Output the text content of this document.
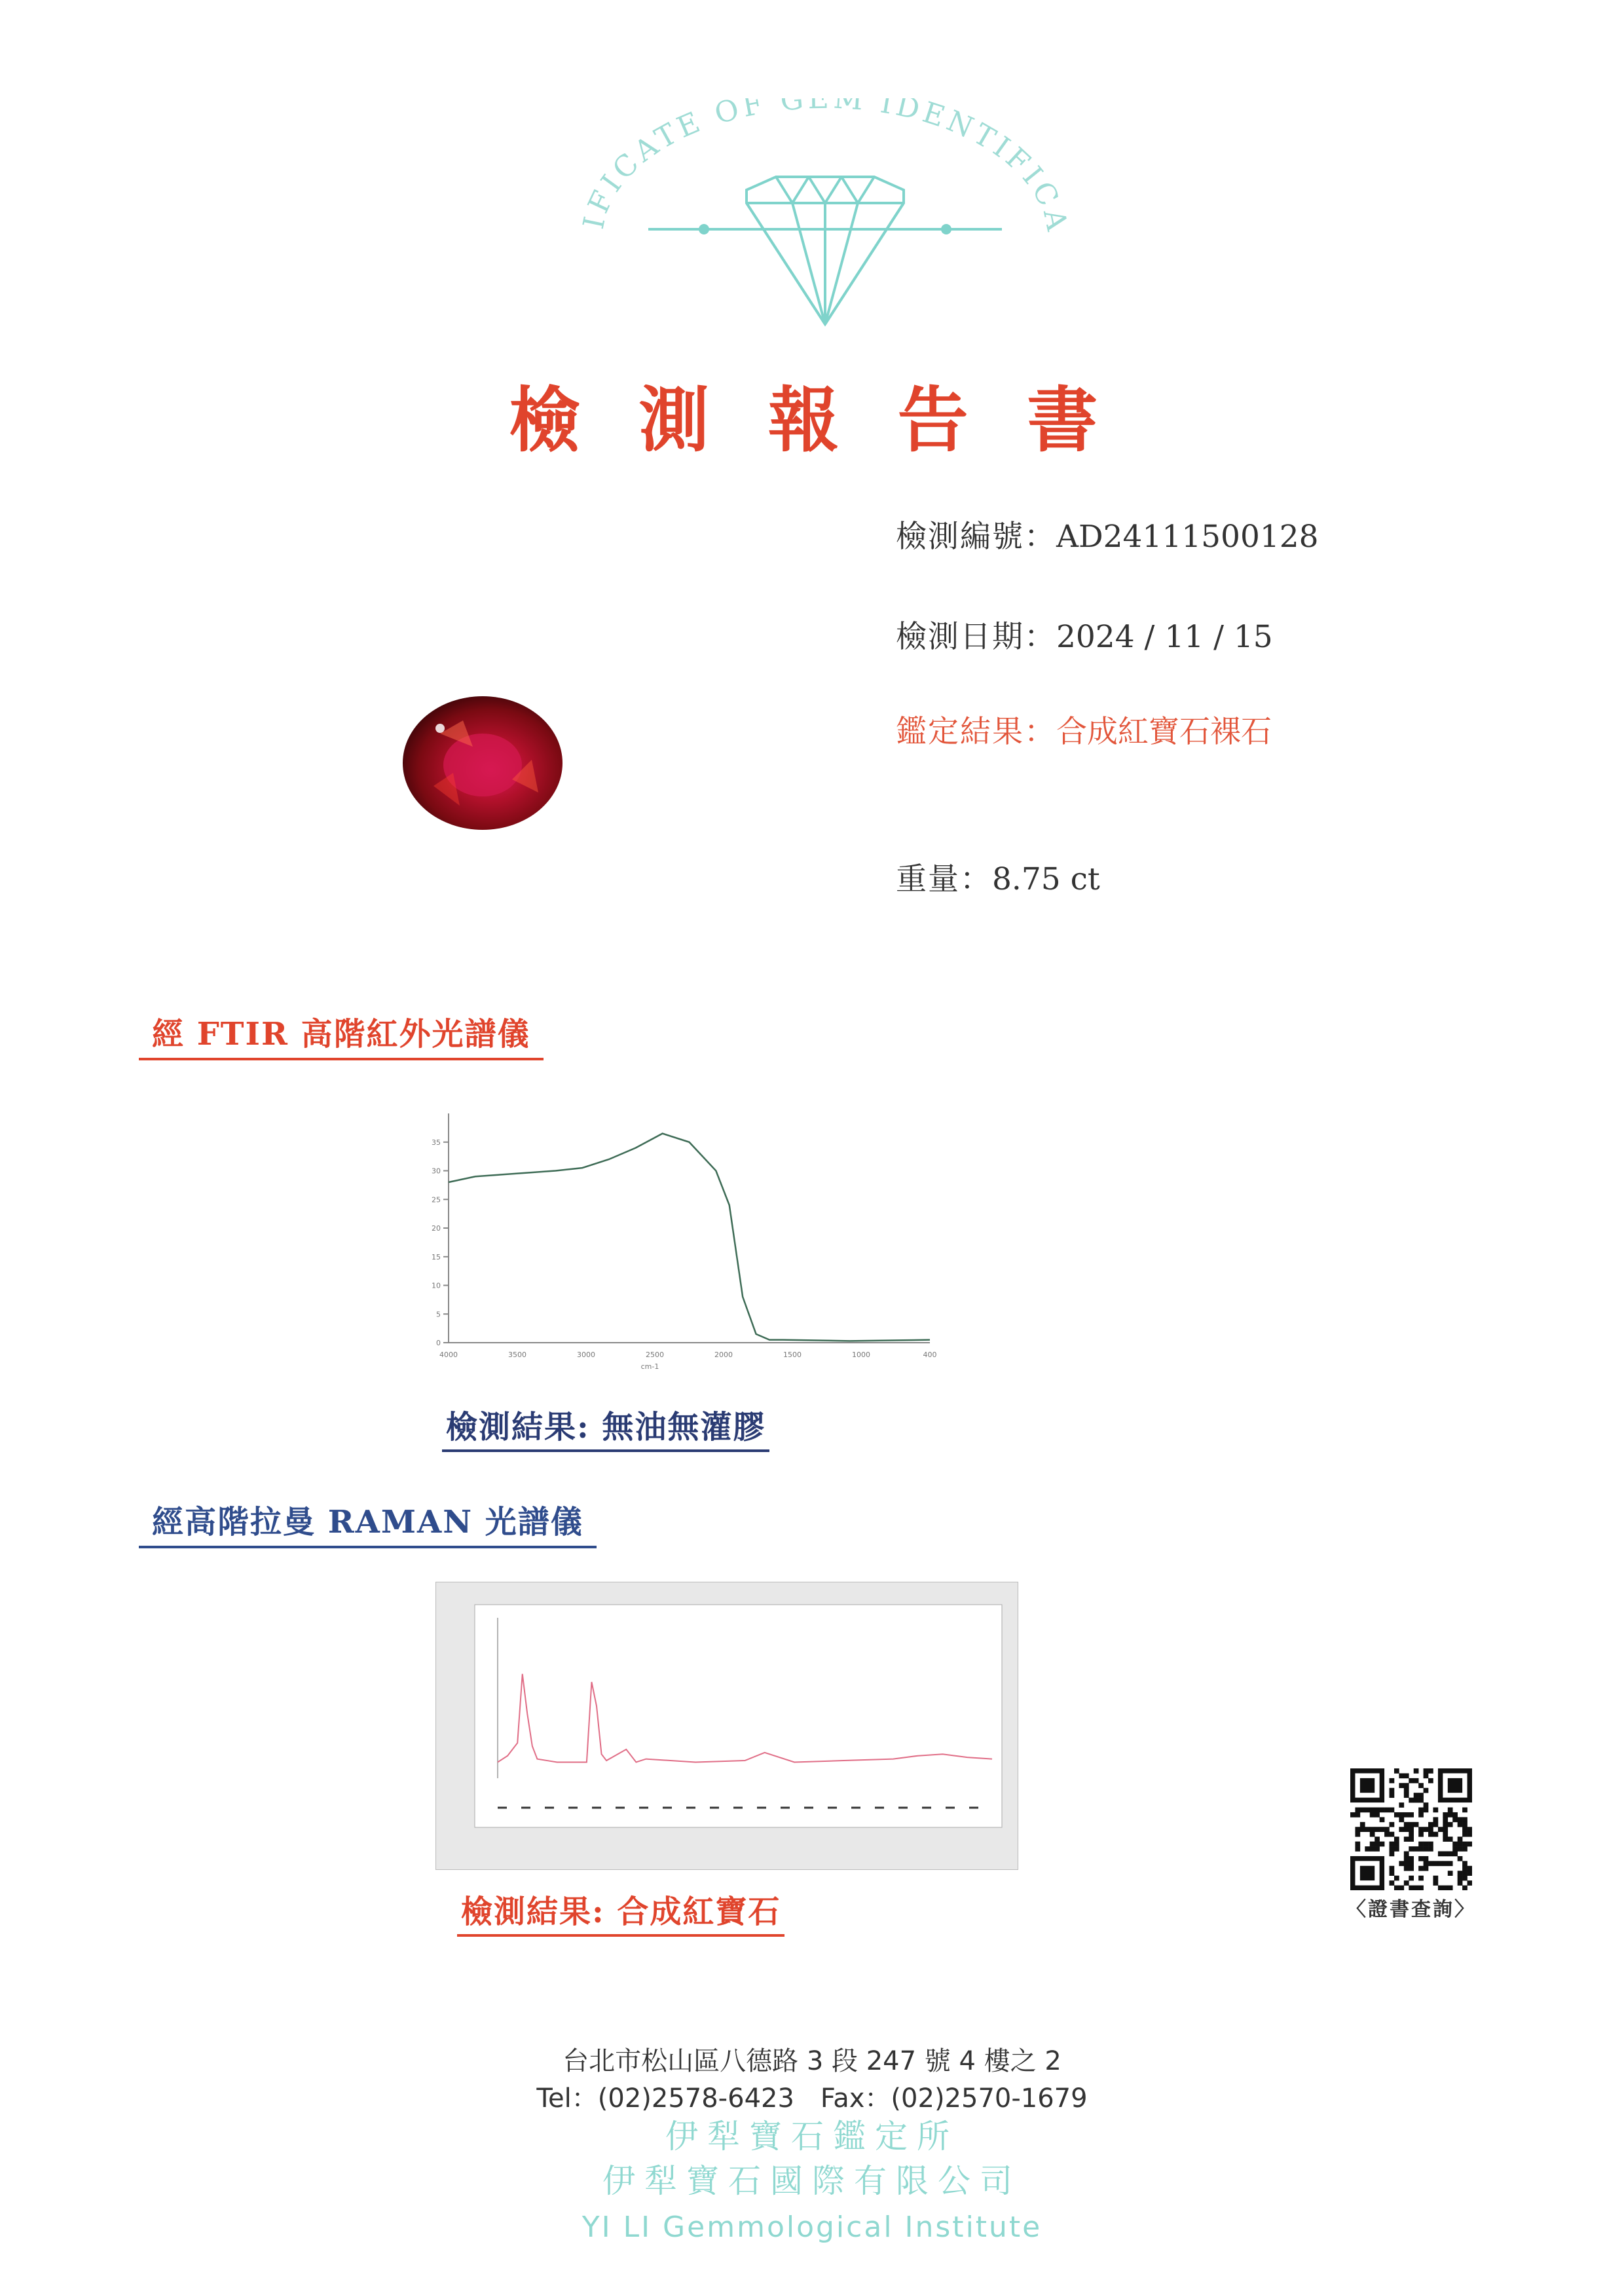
IFICATE OF GEM IDENTIFICA
檢 測 報 告 書
檢測編號：AD24111500128
檢測日期：2024 / 11 / 15
鑑定結果：合成紅寶石裸石
重量：8.75 ct
經 FTIR 高階紅外光譜儀
0
5
10
15
20
25
30
35
4000	3500	3000	2500	2000	1500	1000	400
cm-1
檢測結果: 無油無灌膠
經高階拉曼 RAMAN 光譜儀
檢測結果: 合成紅寶石	〈證書查詢〉
台北市松山區八德路 3 段 247 號 4 樓之 2
Tel：(02)2578-6423　Fax：(02)2570-1679
伊犁寶石鑑定所
伊犁寶石國際有限公司
YI LI Gemmological Institute
